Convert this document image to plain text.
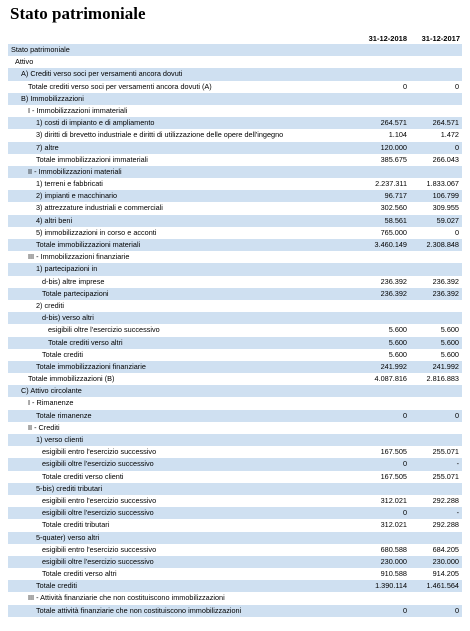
Stato patrimoniale
31-12-2018 31-12-2017
Stato patrimoniale
Attivo
A) Crediti verso soci per versamenti ancora dovuti
Totale crediti verso soci per versamenti ancora dovuti (A)	0	0
B) Immobilizzazioni
I - Immobilizzazioni immateriali
1) costi di impianto e di ampliamento	264.571	264.571
3) diritti di brevetto industriale e diritti di utilizzazione delle opere dell'ingegno	1.104	1.472
7) altre	120.000	0
Totale immobilizzazioni immateriali	385.675	266.043
II - Immobilizzazioni materiali
1) terreni e fabbricati	2.237.311	1.833.067
2) impianti e macchinario	96.717	106.799
3) attrezzature industriali e commerciali	302.560	309.955
4) altri beni	58.561	59.027
5) immobilizzazioni in corso e acconti	765.000	0
Totale immobilizzazioni materiali	3.460.149	2.308.848
III - Immobilizzazioni finanziarie
1) partecipazioni in
d-bis) altre imprese	236.392	236.392
Totale partecipazioni	236.392	236.392
2) crediti
d-bis) verso altri
esigibili oltre l'esercizio successivo	5.600	5.600
Totale crediti verso altri	5.600	5.600
Totale crediti	5.600	5.600
Totale immobilizzazioni finanziarie	241.992	241.992
Totale immobilizzazioni (B)	4.087.816	2.816.883
C) Attivo circolante
I - Rimanenze
Totale rimanenze	0	0
II - Crediti
1) verso clienti
esigibili entro l'esercizio successivo	167.505	255.071
esigibili oltre l'esercizio successivo	0	-
Totale crediti verso clienti	167.505	255.071
5-bis) crediti tributari
esigibili entro l'esercizio successivo	312.021	292.288
esigibili oltre l'esercizio successivo	0	-
Totale crediti tributari	312.021	292.288
5-quater) verso altri
esigibili entro l'esercizio successivo	680.588	684.205
esigibili oltre l'esercizio successivo	230.000	230.000
Totale crediti verso altri	910.588	914.205
Totale crediti	1.390.114	1.461.564
III - Attività finanziarie che non costituiscono immobilizzazioni
Totale attività finanziarie che non costituiscono immobilizzazioni	0	0
